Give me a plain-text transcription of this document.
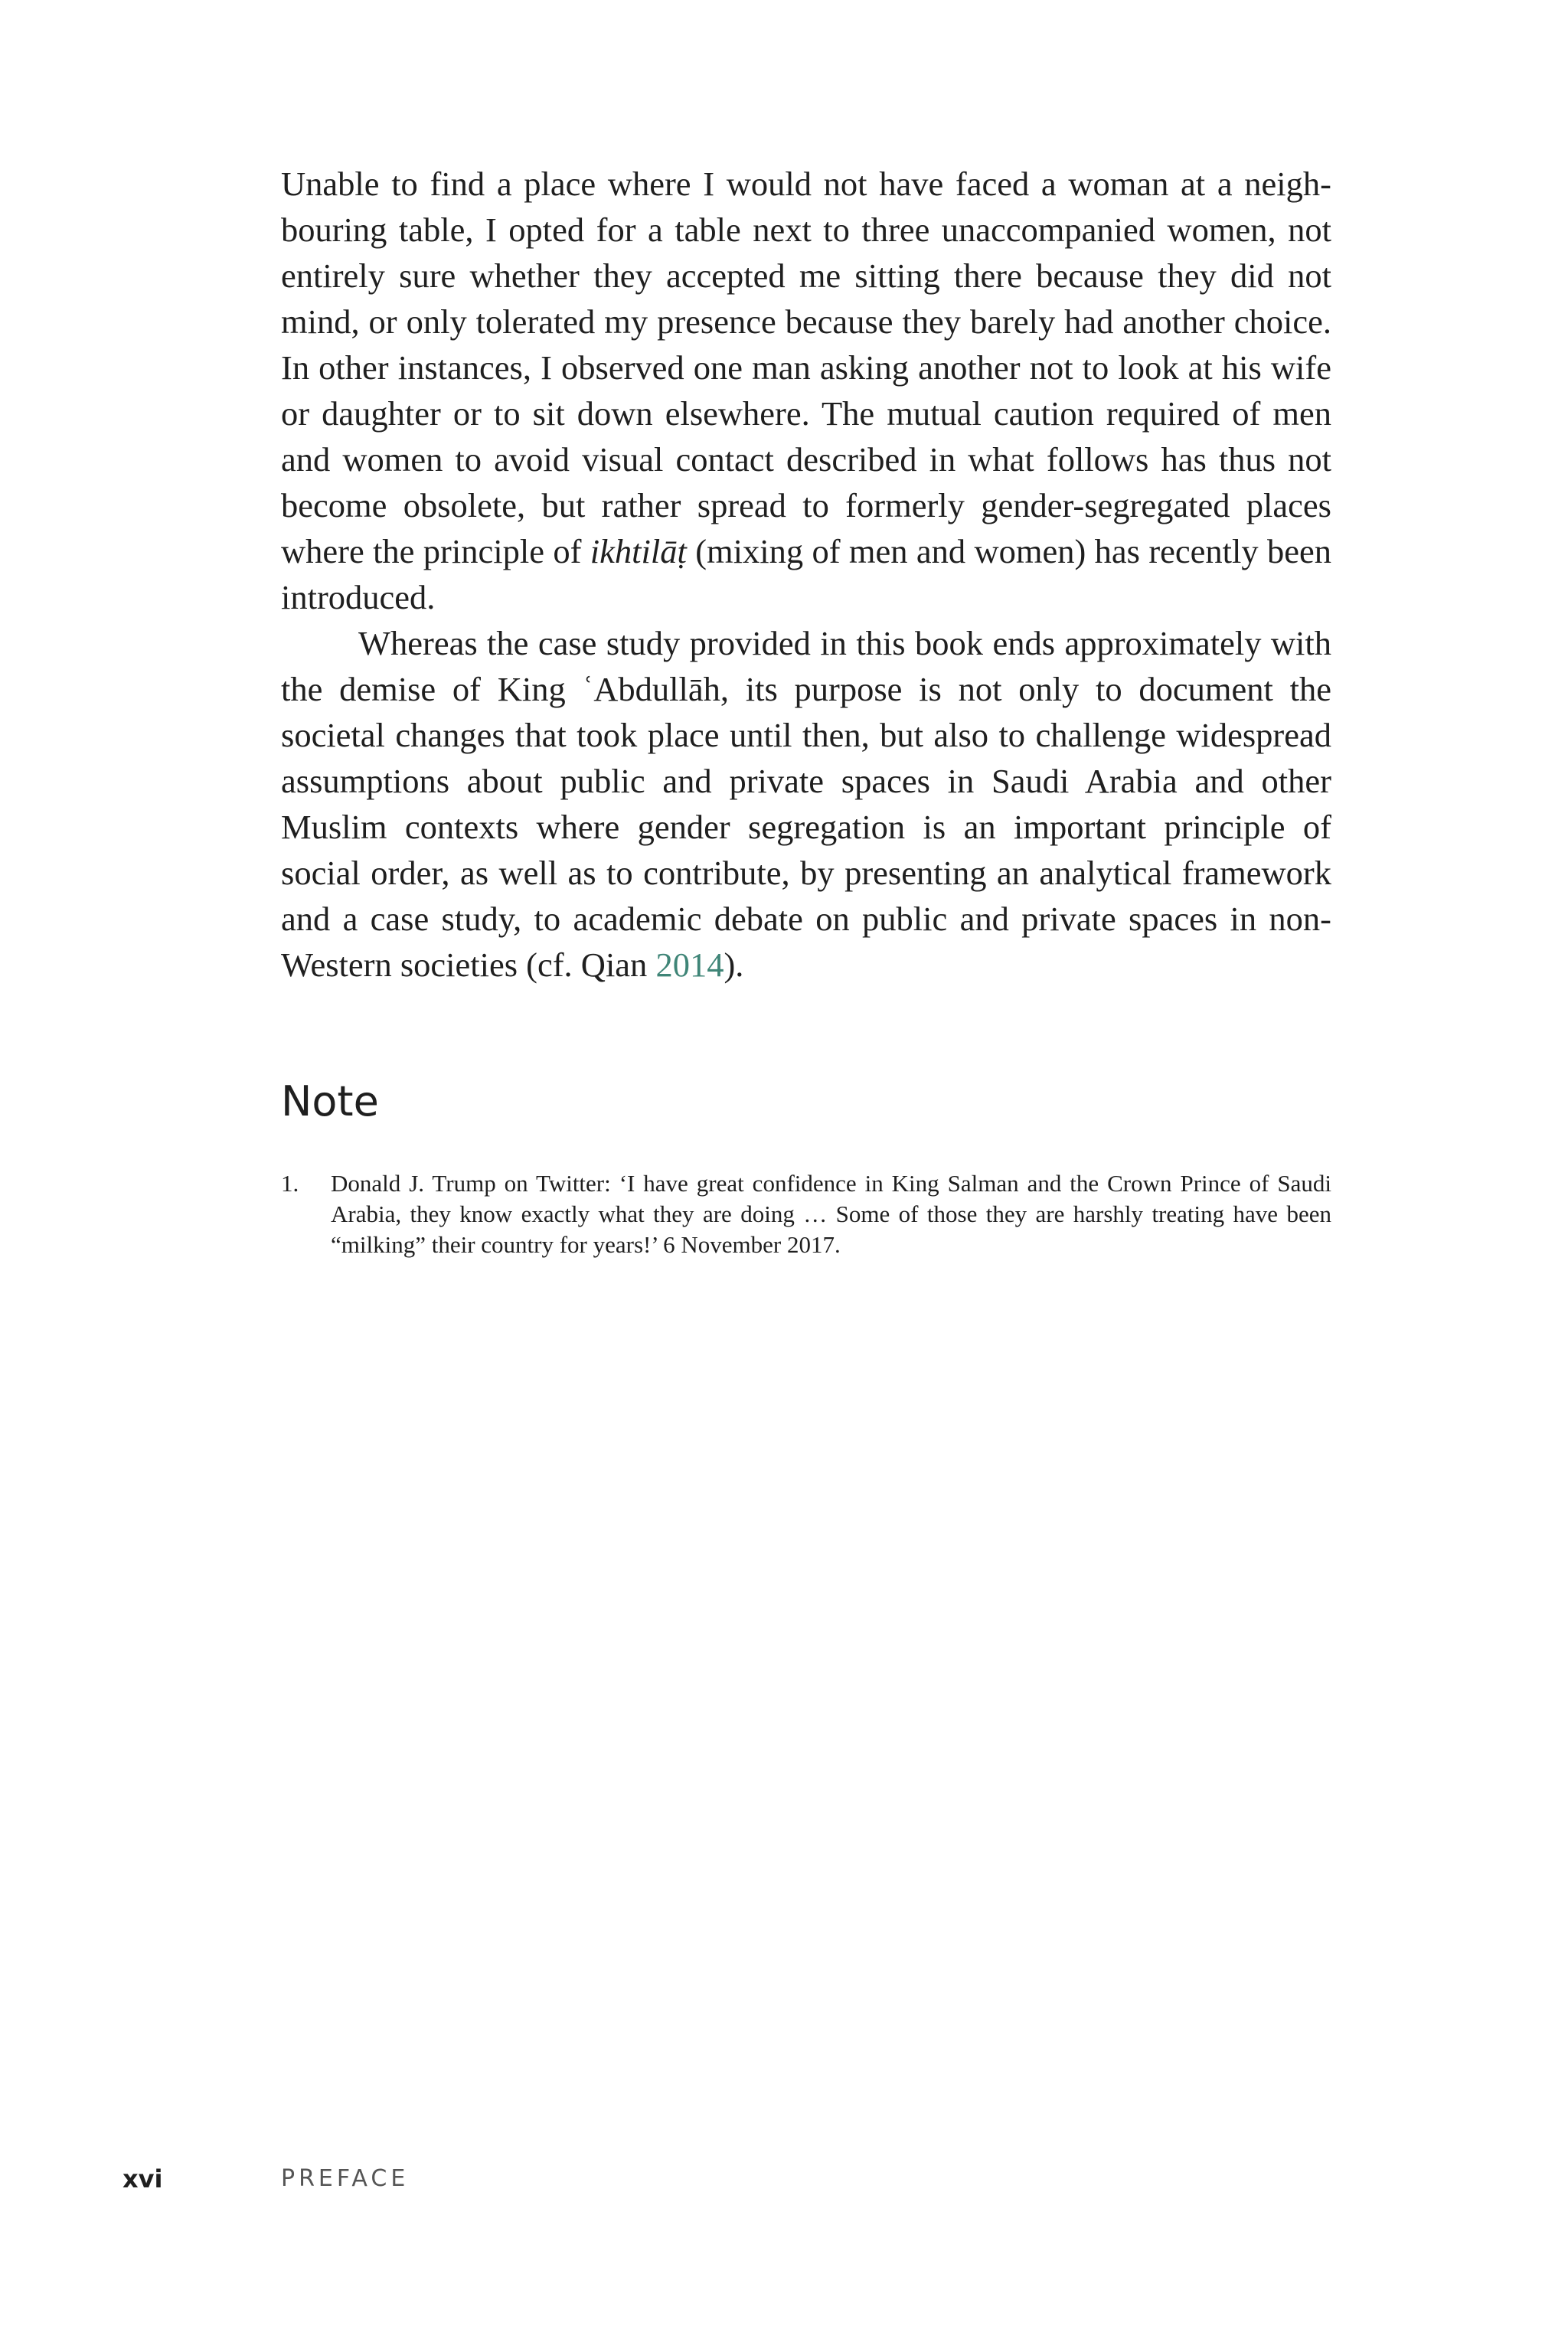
Unable to find a place where I would not have faced a woman at a neighbouring table, I opted for a table next to three unaccompanied women, not entirely sure whether they accepted me sitting there because they did not mind, or only tolerated my presence because they barely had another choice. In other instances, I observed one man asking another not to look at his wife or daughter or to sit down elsewhere. The mutual caution required of men and women to avoid visual contact described in what follows has thus not become obsolete, but rather spread to formerly gender-segregated places where the principle of ikhtilāṭ (mixing of men and women) has recently been introduced.

Whereas the case study provided in this book ends approximately with the demise of King ʿAbdullāh, its purpose is not only to document the societal changes that took place until then, but also to challenge widespread assumptions about public and private spaces in Saudi Arabia and other Muslim contexts where gender segregation is an important principle of social order, as well as to contribute, by presenting an analytical framework and a case study, to academic debate on public and private spaces in non-Western societies (cf. Qian 2014).

Note
1.	Donald J. Trump on Twitter: ‘I have great confidence in King Salman and the Crown Prince of Saudi Arabia, they know exactly what they are doing … Some of those they are harshly treating have been “milking” their country for years!’ 6 November 2017.
xvi	PREFACE
